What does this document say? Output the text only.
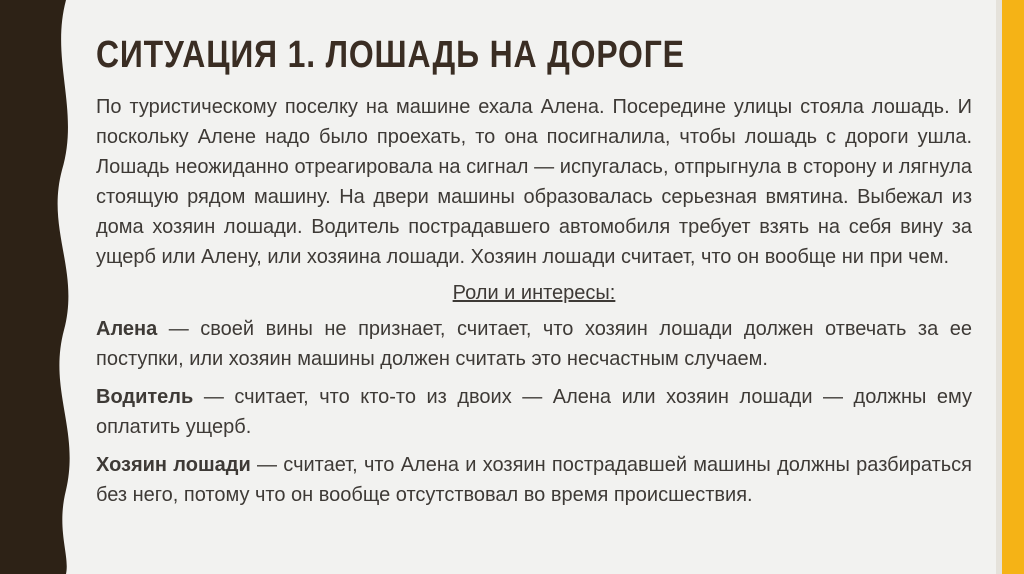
СИТУАЦИЯ 1. ЛОШАДЬ НА ДОРОГЕ

По туристическому поселку на машине ехала Алена. Посередине улицы стояла лошадь. И поскольку Алене надо было проехать, то она посигналила, чтобы лошадь с дороги ушла. Лошадь неожиданно отреагировала на сигнал — испугалась, отпрыгнула в сторону и лягнула стоящую рядом машину. На двери машины образовалась серьезная вмятина. Выбежал из дома хозяин лошади. Водитель пострадавшего автомобиля требует взять на себя вину за ущерб или Алену, или хозяина лошади. Хозяин лошади считает, что он вообще ни при чем.

Роли и интересы:

Алена — своей вины не признает, считает, что хозяин лошади должен отвечать за ее поступки, или хозяин машины должен считать это несчастным случаем.

Водитель — считает, что кто-то из двоих — Алена или хозяин лошади — должны ему оплатить ущерб.

Хозяин лошади — считает, что Алена и хозяин пострадавшей машины должны разбираться без него, потому что он вообще отсутствовал во время происшествия.
